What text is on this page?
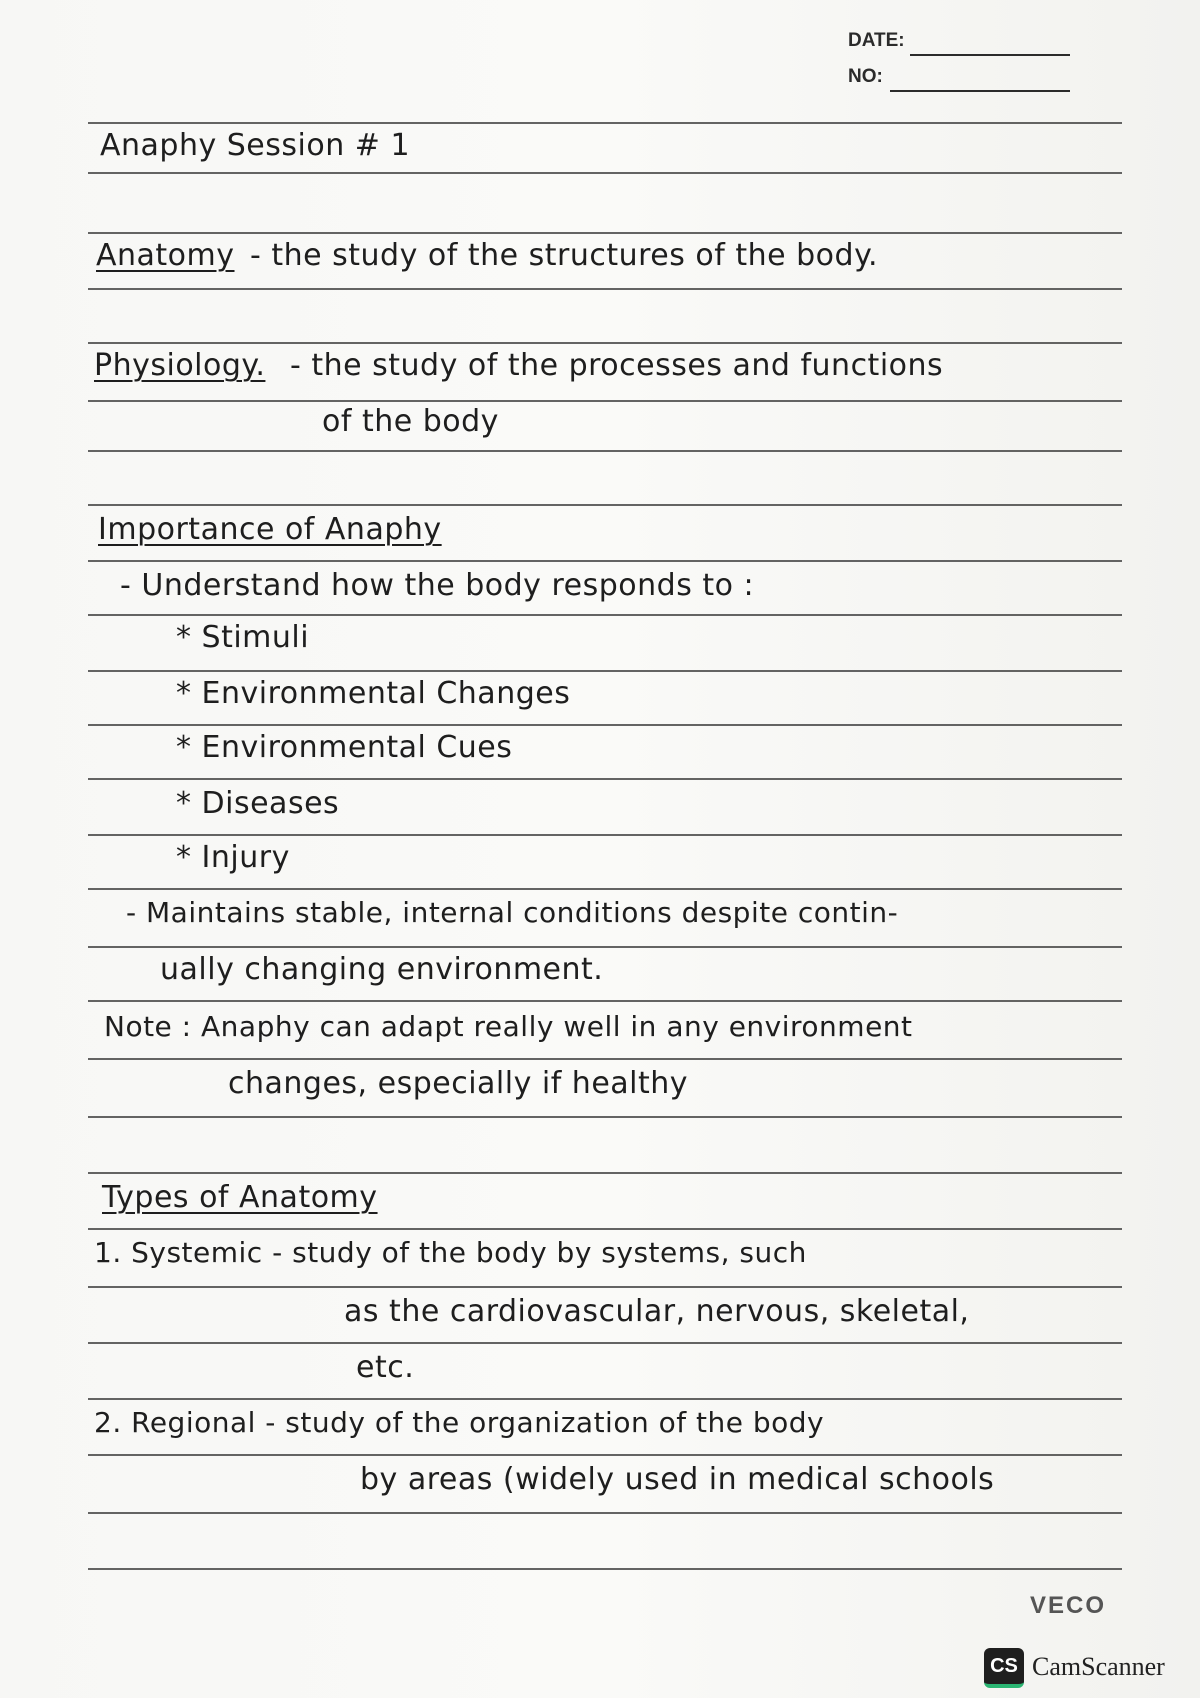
DATE:
NO:
Anaphy Session # 1
Anatomy - the study of the structures of the body.
Physiology. - the study of the processes and functions
of the body
Importance of Anaphy
- Understand how the body responds to :
* Stimuli
* Environmental Changes
* Environmental Cues
* Diseases
* Injury
- Maintains stable, internal conditions despite contin-
ually changing environment.
Note : Anaphy can adapt really well in any environment
changes, especially if healthy
Types of Anatomy
1. Systemic - study of the body by systems, such
as the cardiovascular, nervous, skeletal,
etc.
2. Regional - study of the organization of the body
by areas (widely used in medical schools
VECO
CS CamScanner
